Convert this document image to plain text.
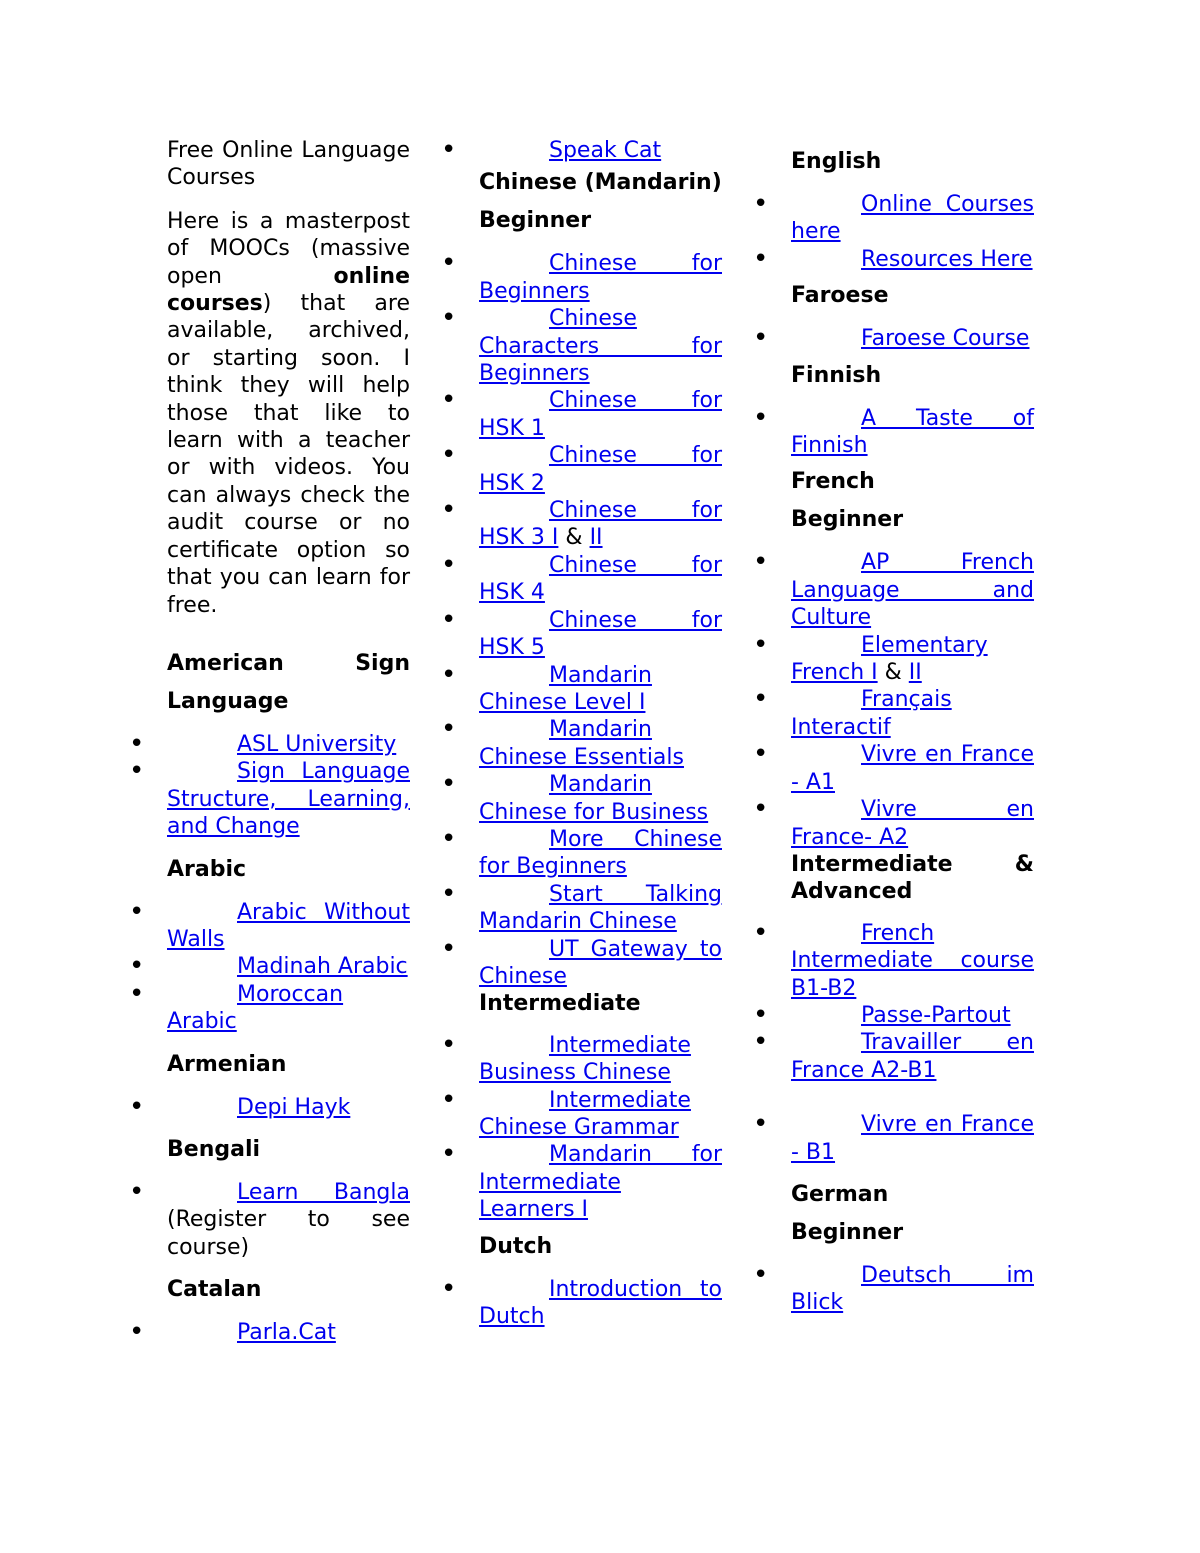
Free Online Language Courses

Here is a masterpost of MOOCs (massive open online courses) that are available, archived, or starting soon. I think they will help those that like to learn with a teacher or with videos. You can always check the audit course or no certificate option so that you can learn for free.

American Sign Language
• ASL University
• Sign Language Structure, Learning, and Change
Arabic
• Arabic Without Walls
• Madinah Arabic
• Moroccan Arabic
Armenian
• Depi Hayk
Bengali
• Learn Bangla (Register to see course)
Catalan
• Parla.Cat
• Speak Cat
Chinese (Mandarin)
Beginner
• Chinese for Beginners
• Chinese Characters for Beginners
• Chinese for HSK 1
• Chinese for HSK 2
• Chinese for HSK 3 I & II
• Chinese for HSK 4
• Chinese for HSK 5
• Mandarin Chinese Level I
• Mandarin Chinese Essentials
• Mandarin Chinese for Business
• More Chinese for Beginners
• Start Talking Mandarin Chinese
• UT Gateway to Chinese
Intermediate
• Intermediate Business Chinese
• Intermediate Chinese Grammar
• Mandarin for Intermediate Learners I
Dutch
• Introduction to Dutch
English
• Online Courses here
• Resources Here
Faroese
• Faroese Course
Finnish
• A Taste of Finnish
French
Beginner
• AP French Language and Culture
• Elementary French I & II
• Français Interactif
• Vivre en France - A1
• Vivre en France- A2
Intermediate & Advanced
• French Intermediate course B1-B2
• Passe-Partout
• Travailler en France A2-B1
• Vivre en France - B1
German
Beginner
• Deutsch im Blick
